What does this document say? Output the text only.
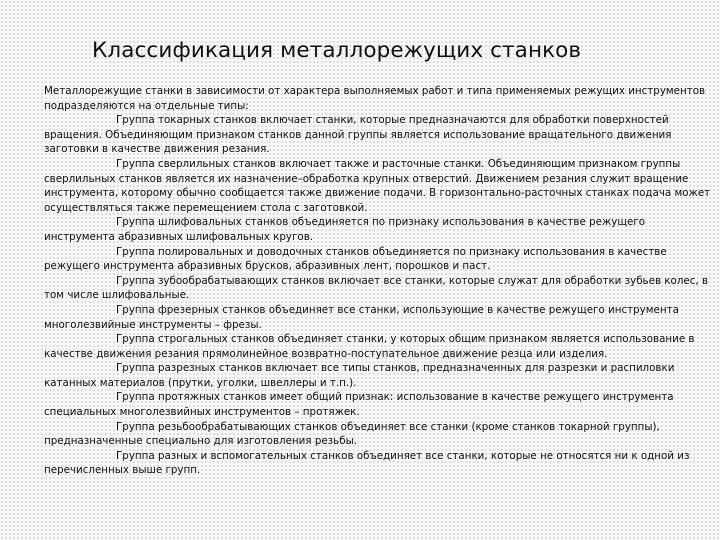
Классификация металлорежущих станков

Металлорежущие станки в зависимости от характера выполняемых работ и типа применяемых режущих инструментов подразделяются на отдельные типы:

Группа токарных станков включает станки, которые предназначаются для обработки поверхностей вращения. Объединяющим признаком станков данной группы является использование вращательного движения заготовки в качестве движения резания.

Группа сверлильных станков включает также и расточные станки. Объединяющим признаком группы сверлильных станков является их назначение–обработка крупных отверстий. Движением резания служит вращение инструмента, которому обычно сообщается также движение подачи. В горизонтально-расточных станках подача может осуществляться также перемещением стола с заготовкой.

Группа шлифовальных станков объединяется по признаку использования в качестве режущего инструмента абразивных шлифовальных кругов.

Группа полировальных и доводочных станков объединяется по признаку использования в качестве режущего инструмента абразивных брусков, абразивных лент, порошков и паст.

Группа зубообрабатывающих станков включает все станки, которые служат для обработки зубьев колес, в том числе шлифовальные.

Группа фрезерных станков объединяет все станки, использующие в качестве режущего инструмента многолезвийные инструменты – фрезы.

Группа строгальных станков объединяет станки, у которых общим признаком является использование в качестве движения резания прямолинейное возвратно-поступательное движение резца или изделия.

Группа разрезных станков включает все типы станков, предназначенных для разрезки и распиловки катанных материалов (прутки, уголки, швеллеры и т.п.).

Группа протяжных станков имеет общий признак: использование в качестве режущего инструмента специальных многолезвийных инструментов – протяжек.

Группа резьбообрабатывающих станков объединяет все станки (кроме станков токарной группы), предназначенные специально для изготовления резьбы.

Группа разных и вспомогательных станков объединяет все станки, которые не относятся ни к одной из перечисленных выше групп.
